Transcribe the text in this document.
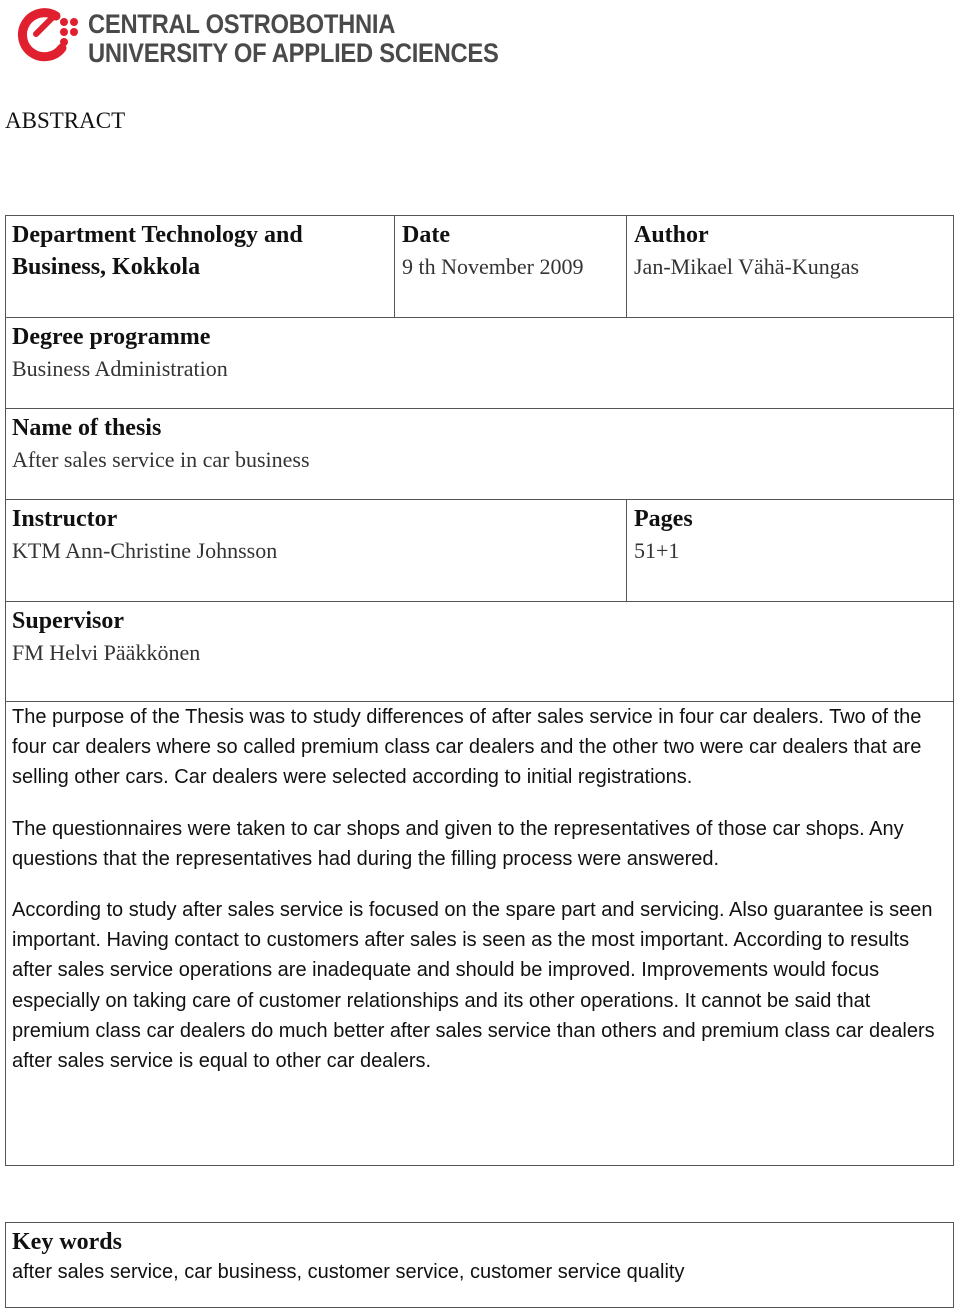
CENTRAL OSTROBOTHNIA
UNIVERSITY OF APPLIED SCIENCES
ABSTRACT
Department Technology and
Business, Kokkola
Date
9 th November 2009
Author
Jan-Mikael Vähä-Kungas
Degree programme
Business Administration
Name of thesis
After sales service in car business
Instructor
KTM Ann-Christine Johnsson
Pages
51+1
Supervisor
FM Helvi Pääkkönen

The purpose of the Thesis was to study differences of after sales service in four car dealers. Two of the four car dealers where so called premium class car dealers and the other two were car dealers that are selling other cars. Car dealers were selected according to initial registrations.

The questionnaires were taken to car shops and given to the representatives of those car shops. Any questions that the representatives had during the filling process were answered.

According to study after sales service is focused on the spare part and servicing. Also guarantee is seen important. Having contact to customers after sales is seen as the most important. According to results after sales service operations are inadequate and should be improved. Improvements would focus especially on taking care of customer relationships and its other operations. It cannot be said that premium class car dealers do much better after sales service than others and premium class car dealers after sales service is equal to other car dealers.

Key words
after sales service, car business, customer service, customer service quality
